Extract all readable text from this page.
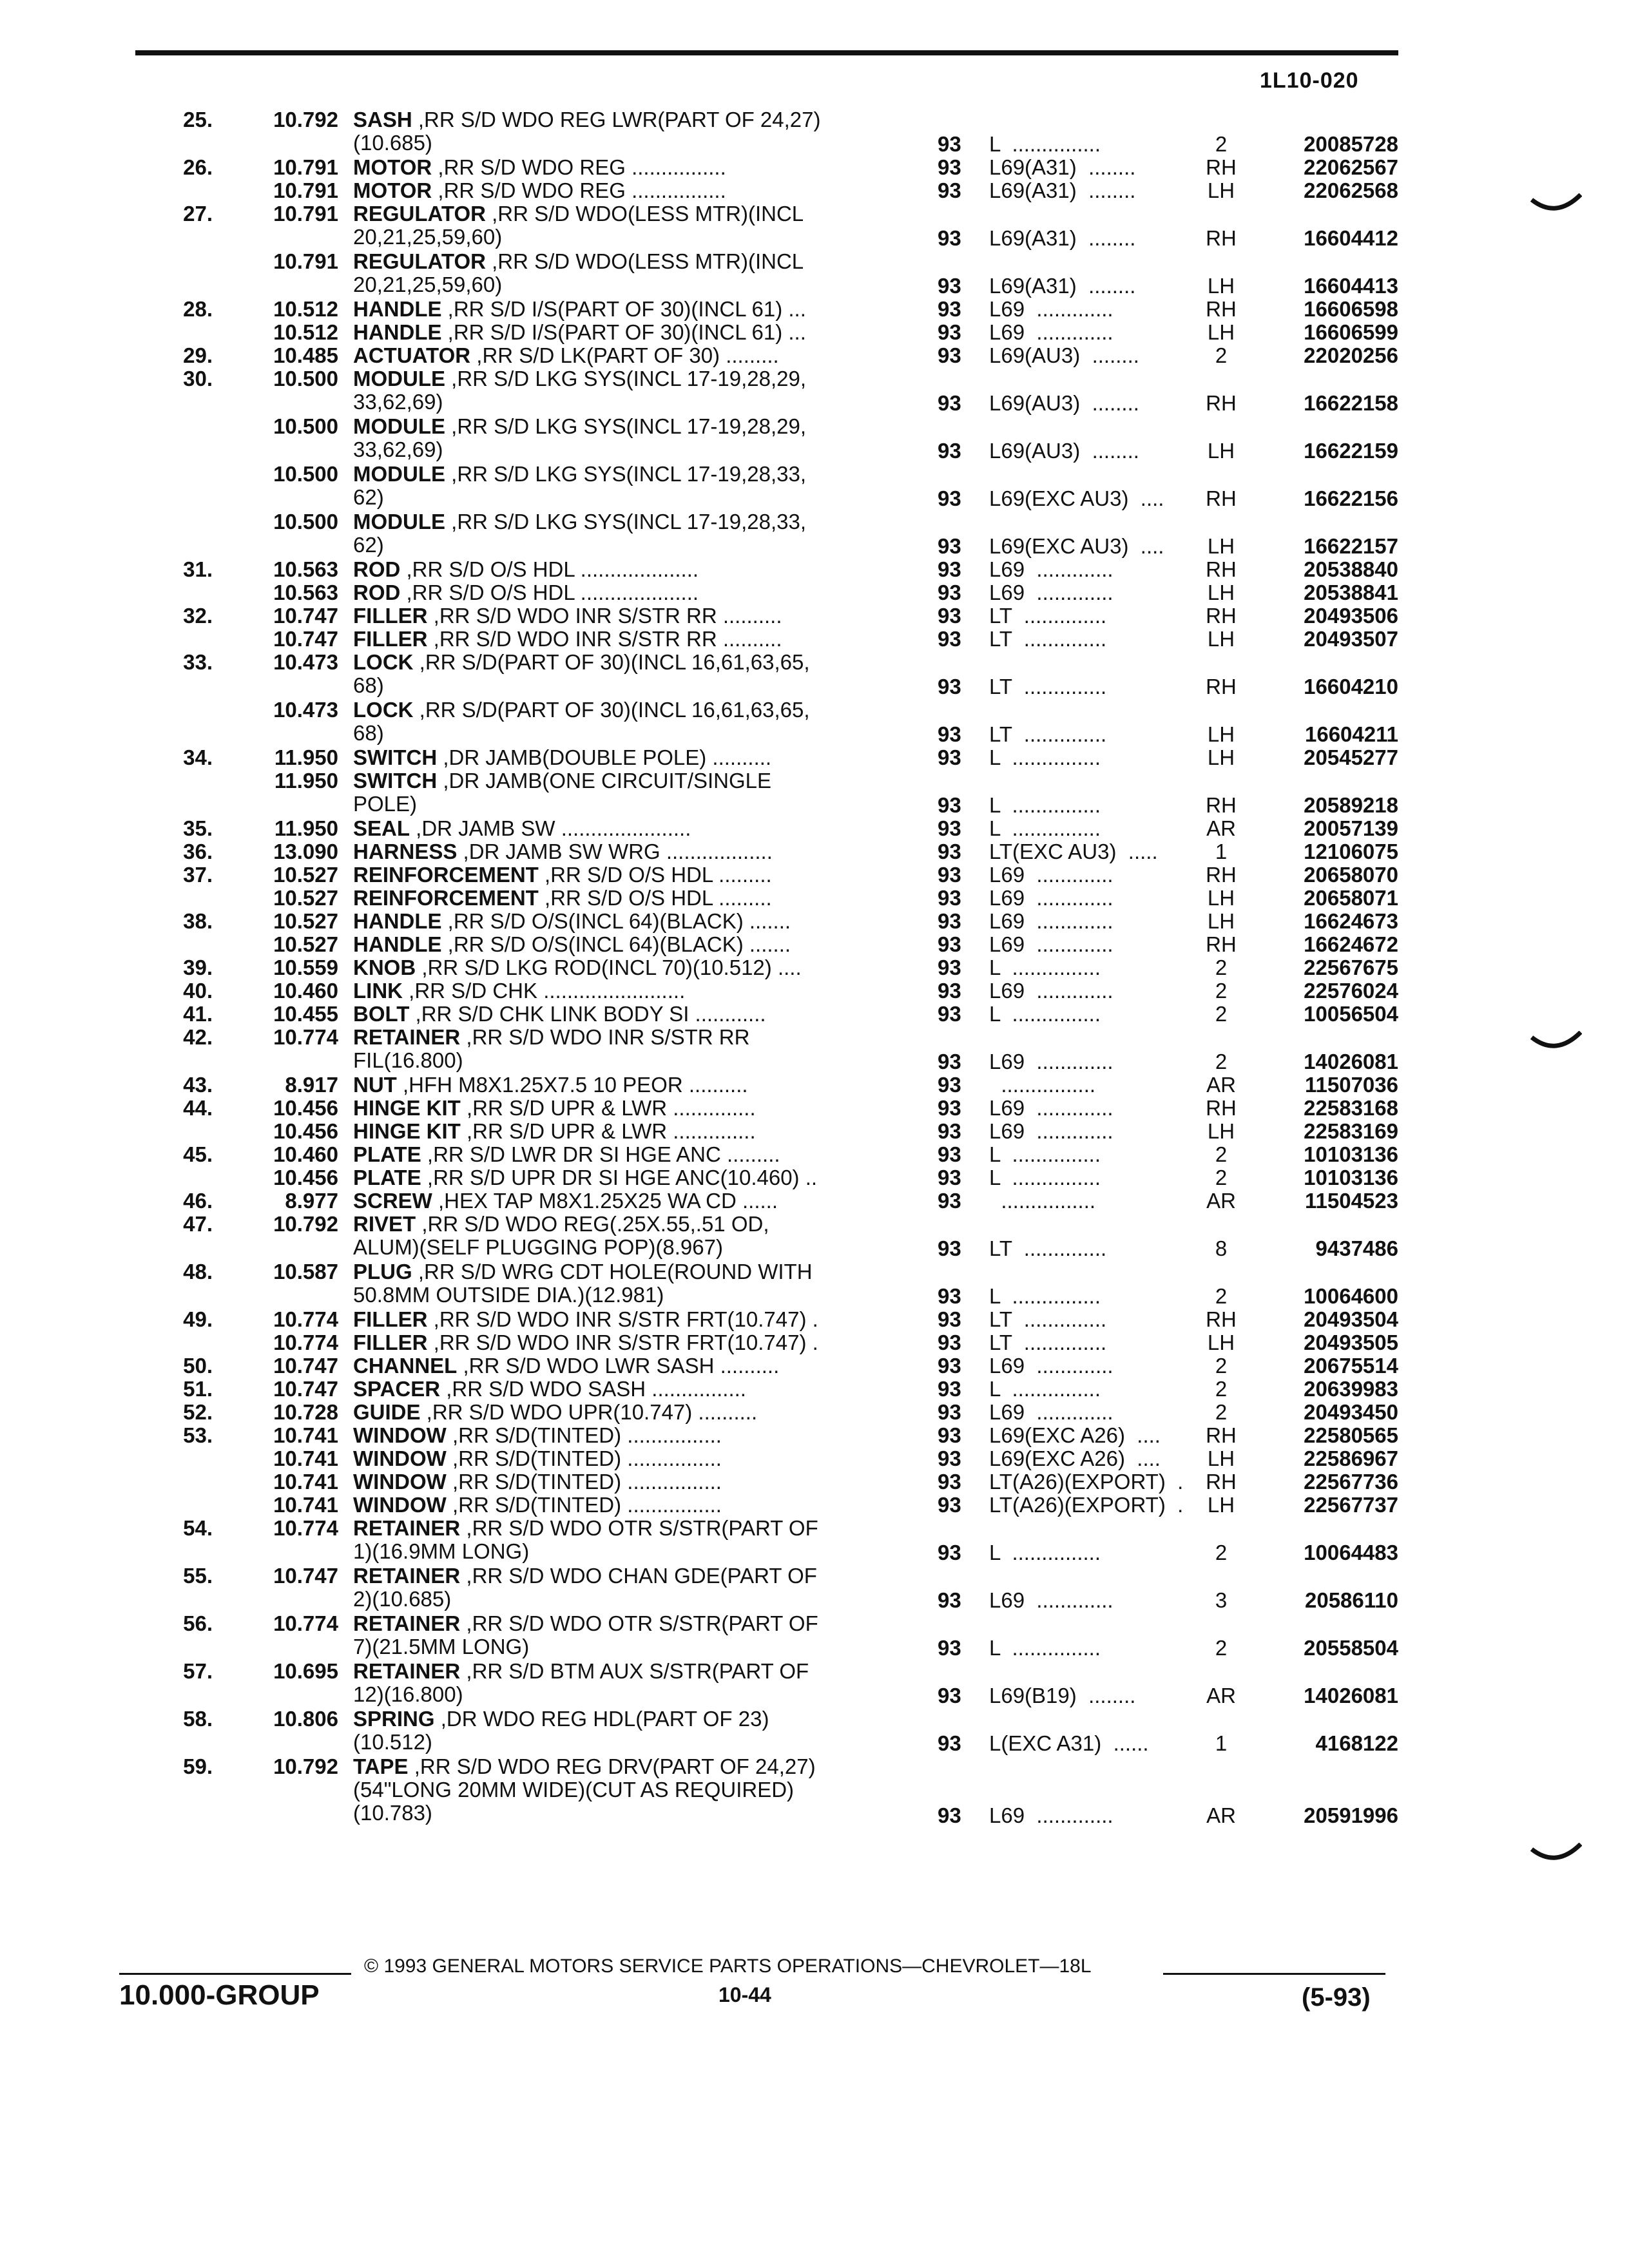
1L10-020
25.	10.792 SASH ,RR S/D WDO REG LWR(PART OF 24,27)
(10.685)	93 L  ...............	2	20085728
26.	10.791 MOTOR ,RR S/D WDO REG ................	93 L69(A31)  ........	RH	22062567
10.791 MOTOR ,RR S/D WDO REG ................	93 L69(A31)  ........	LH	22062568
27.	10.791 REGULATOR ,RR S/D WDO(LESS MTR)(INCL
20,21,25,59,60)	93 L69(A31)  ........	RH	16604412
10.791 REGULATOR ,RR S/D WDO(LESS MTR)(INCL
20,21,25,59,60)	93 L69(A31)  ........	LH	16604413
28.	10.512 HANDLE ,RR S/D I/S(PART OF 30)(INCL 61) ...	93 L69  .............	RH	16606598
10.512 HANDLE ,RR S/D I/S(PART OF 30)(INCL 61) ...	93 L69  .............	LH	16606599
29.	10.485 ACTUATOR ,RR S/D LK(PART OF 30) .........	93 L69(AU3)  ........	2	22020256
30.	10.500 MODULE ,RR S/D LKG SYS(INCL 17-19,28,29,
33,62,69)	93 L69(AU3)  ........	RH	16622158
10.500 MODULE ,RR S/D LKG SYS(INCL 17-19,28,29,
33,62,69)	93 L69(AU3)  ........	LH	16622159
10.500 MODULE ,RR S/D LKG SYS(INCL 17-19,28,33,
62)	93 L69(EXC AU3)  ....	RH	16622156
10.500 MODULE ,RR S/D LKG SYS(INCL 17-19,28,33,
62)	93 L69(EXC AU3)  ....	LH	16622157
31.	10.563 ROD ,RR S/D O/S HDL ....................	93 L69  .............	RH	20538840
10.563 ROD ,RR S/D O/S HDL ....................	93 L69  .............	LH	20538841
32.	10.747 FILLER ,RR S/D WDO INR S/STR RR ..........	93 LT  ..............	RH	20493506
10.747 FILLER ,RR S/D WDO INR S/STR RR ..........	93 LT  ..............	LH	20493507
33.	10.473 LOCK ,RR S/D(PART OF 30)(INCL 16,61,63,65,
68)	93 LT  ..............	RH	16604210
10.473 LOCK ,RR S/D(PART OF 30)(INCL 16,61,63,65,
68)	93 LT  ..............	LH	16604211
34.	11.950 SWITCH ,DR JAMB(DOUBLE POLE) ..........	93 L  ...............	LH	20545277
11.950 SWITCH ,DR JAMB(ONE CIRCUIT/SINGLE
POLE)	93 L  ...............	RH	20589218
35.	11.950 SEAL ,DR JAMB SW ......................	93 L  ...............	AR	20057139
36.	13.090 HARNESS ,DR JAMB SW WRG ..................	93 LT(EXC AU3)  .....	1	12106075
37.	10.527 REINFORCEMENT ,RR S/D O/S HDL .........	93 L69  .............	RH	20658070
10.527 REINFORCEMENT ,RR S/D O/S HDL .........	93 L69  .............	LH	20658071
38.	10.527 HANDLE ,RR S/D O/S(INCL 64)(BLACK) .......	93 L69  .............	LH	16624673
10.527 HANDLE ,RR S/D O/S(INCL 64)(BLACK) .......	93 L69  .............	RH	16624672
39.	10.559 KNOB ,RR S/D LKG ROD(INCL 70)(10.512) ....	93 L  ...............	2	22567675
40.	10.460 LINK ,RR S/D CHK ........................	93 L69  .............	2	22576024
41.	10.455 BOLT ,RR S/D CHK LINK BODY SI ............	93 L  ...............	2	10056504
42.	10.774 RETAINER ,RR S/D WDO INR S/STR RR
FIL(16.800)	93 L69  .............	2	14026081
43.	8.917 NUT ,HFH M8X1.25X7.5 10 PEOR ..........	93 ................	AR	11507036
44.	10.456 HINGE KIT ,RR S/D UPR & LWR ..............	93 L69  .............	RH	22583168
10.456 HINGE KIT ,RR S/D UPR & LWR ..............	93 L69  .............	LH	22583169
45.	10.460 PLATE ,RR S/D LWR DR SI HGE ANC .........	93 L  ...............	2	10103136
10.456 PLATE ,RR S/D UPR DR SI HGE ANC(10.460) ..	93 L  ...............	2	10103136
46.	8.977 SCREW ,HEX TAP M8X1.25X25 WA CD ......	93 ................	AR	11504523
47.	10.792 RIVET ,RR S/D WDO REG(.25X.55,.51 OD,
ALUM)(SELF PLUGGING POP)(8.967)	93 LT  ..............	8	9437486
48.	10.587 PLUG ,RR S/D WRG CDT HOLE(ROUND WITH
50.8MM OUTSIDE DIA.)(12.981)	93 L  ...............	2	10064600
49.	10.774 FILLER ,RR S/D WDO INR S/STR FRT(10.747) .	93 LT  ..............	RH	20493504
10.774 FILLER ,RR S/D WDO INR S/STR FRT(10.747) .	93 LT  ..............	LH	20493505
50.	10.747 CHANNEL ,RR S/D WDO LWR SASH ..........	93 L69  .............	2	20675514
51.	10.747 SPACER ,RR S/D WDO SASH ................	93 L  ...............	2	20639983
52.	10.728 GUIDE ,RR S/D WDO UPR(10.747) ..........	93 L69  .............	2	20493450
53.	10.741 WINDOW ,RR S/D(TINTED) ................	93 L69(EXC A26)  ....	RH	22580565
10.741 WINDOW ,RR S/D(TINTED) ................	93 L69(EXC A26)  ....	LH	22586967
10.741 WINDOW ,RR S/D(TINTED) ................	93 LT(A26)(EXPORT)  .	RH	22567736
10.741 WINDOW ,RR S/D(TINTED) ................	93 LT(A26)(EXPORT)  .	LH	22567737
54.	10.774 RETAINER ,RR S/D WDO OTR S/STR(PART OF
1)(16.9MM LONG)	93 L  ...............	2	10064483
55.	10.747 RETAINER ,RR S/D WDO CHAN GDE(PART OF
2)(10.685)	93 L69  .............	3	20586110
56.	10.774 RETAINER ,RR S/D WDO OTR S/STR(PART OF
7)(21.5MM LONG)	93 L  ...............	2	20558504
57.	10.695 RETAINER ,RR S/D BTM AUX S/STR(PART OF
12)(16.800)	93 L69(B19)  ........	AR	14026081
58.	10.806 SPRING ,DR WDO REG HDL(PART OF 23)
(10.512)	93 L(EXC A31)  ......	1	4168122
59.	10.792 TAPE ,RR S/D WDO REG DRV(PART OF 24,27)
(54"LONG 20MM WIDE)(CUT AS REQUIRED)
(10.783)	93 L69  .............	AR	20591996
© 1993 GENERAL MOTORS SERVICE PARTS OPERATIONS—CHEVROLET—18L
10.000-GROUP	10-44	(5-93)
